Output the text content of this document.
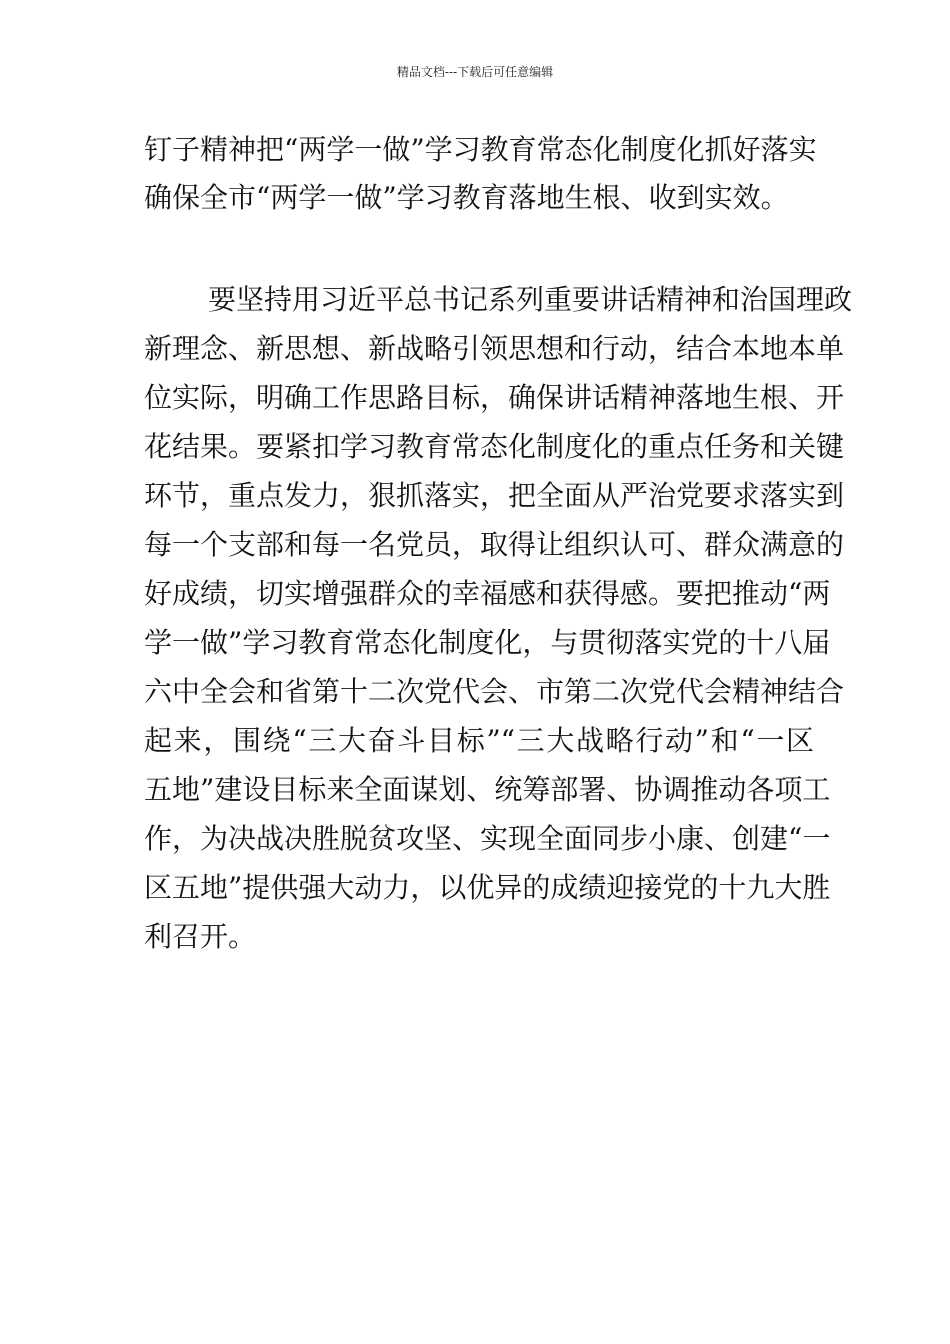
精品文档---下载后可任意编辑
钉子精神把“两学一做”学习教育常态化制度化抓好落实
确保全市“两学一做”学习教育落地生根、收到实效。
要坚持用习近平总书记系列重要讲话精神和治国理政
新理念、新思想、新战略引领思想和行动，结合本地本单
位实际，明确工作思路目标，确保讲话精神落地生根、开
花结果。要紧扣学习教育常态化制度化的重点任务和关键
环节，重点发力，狠抓落实，把全面从严治党要求落实到
每一个支部和每一名党员，取得让组织认可、群众满意的
好成绩，切实增强群众的幸福感和获得感。要把推动“两
学一做”学习教育常态化制度化，与贯彻落实党的十八届
六中全会和省第十二次党代会、市第二次党代会精神结合
起来，围绕“三大奋斗目标”“三大战略行动”和“一区
五地”建设目标来全面谋划、统筹部署、协调推动各项工
作，为决战决胜脱贫攻坚、实现全面同步小康、创建“一
区五地”提供强大动力，以优异的成绩迎接党的十九大胜
利召开。
